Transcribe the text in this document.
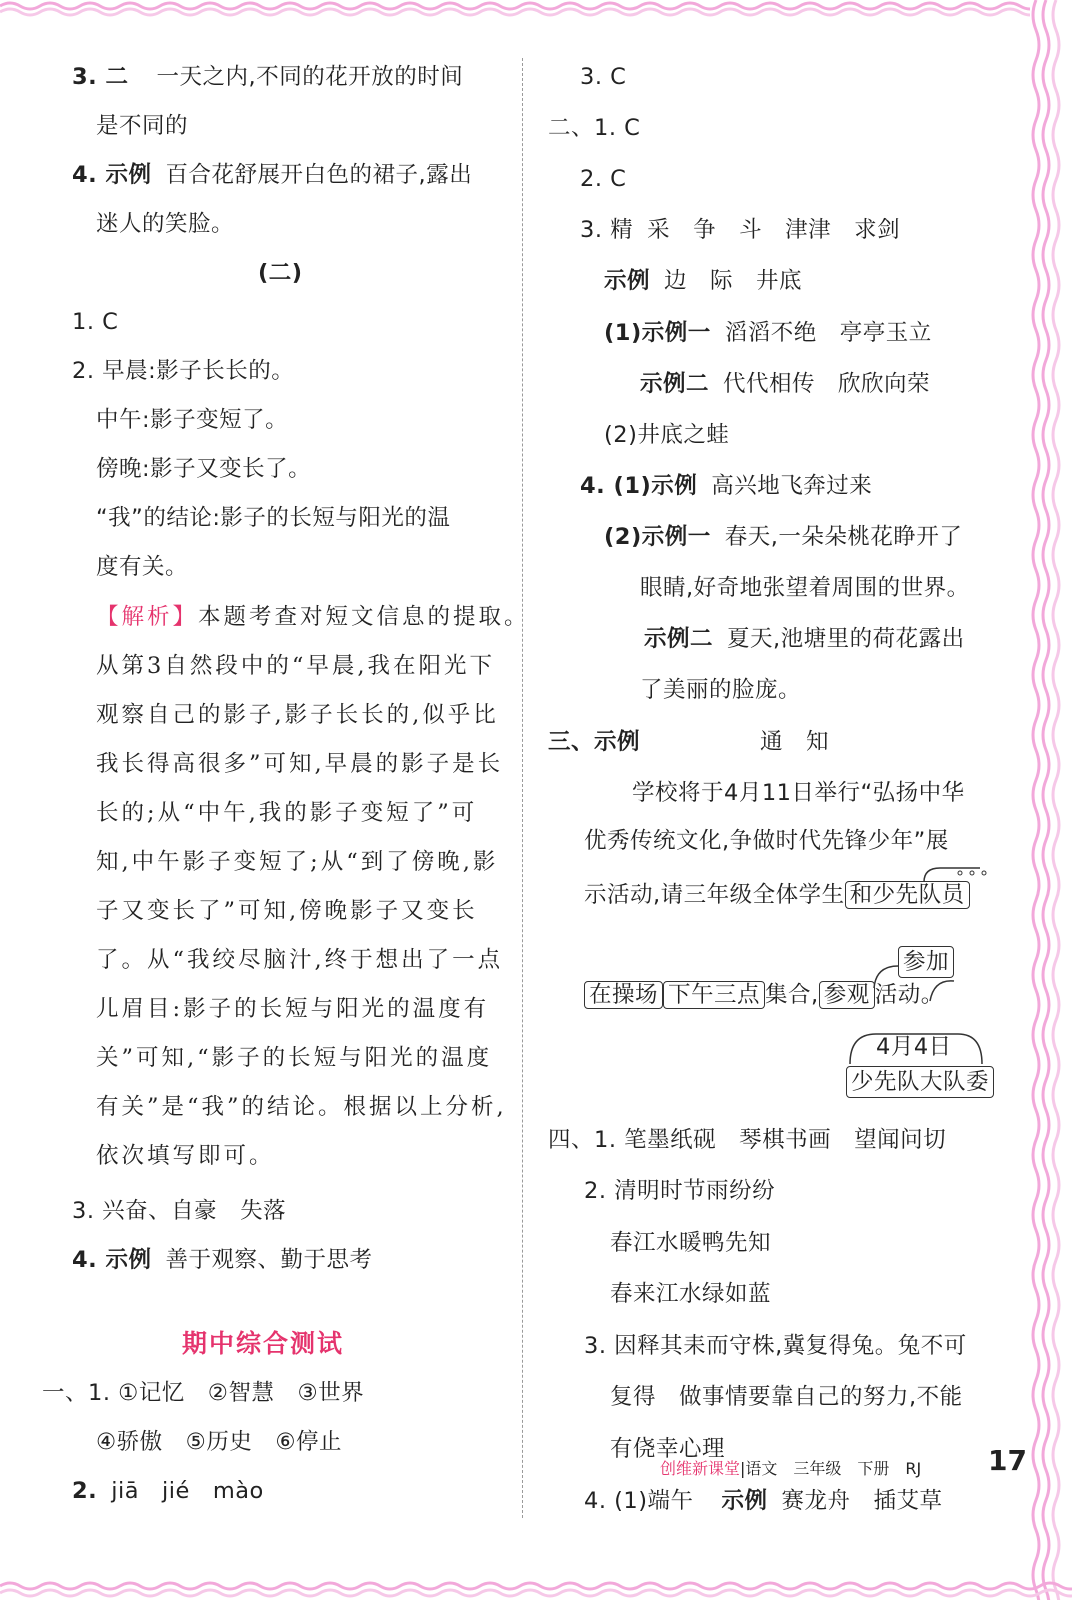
3. 二 一天之内,不同的花开放的时间
是不同的
4. 示例 百合花舒展开白色的裙子,露出
迷人的笑脸。
(二)
1. C
2. 早晨:影子长长的。
中午:影子变短了。
傍晚:影子又变长了。
“我”的结论:影子的长短与阳光的温
度有关。
【解析】本题考查对短文信息的提取。
从第3自然段中的“早晨,我在阳光下
观察自己的影子,影子长长的,似乎比
我长得高很多”可知,早晨的影子是长
长的;从“中午,我的影子变短了”可
知,中午影子变短了;从“到了傍晚,影
子又变长了”可知,傍晚影子又变长
了。从“我绞尽脑汁,终于想出了一点
儿眉目:影子的长短与阳光的温度有
关”可知,“影子的长短与阳光的温度
有关”是“我”的结论。根据以上分析,
依次填写即可。
3. 兴奋、自豪　失落
4. 示例 善于观察、勤于思考
期中综合测试
一、1. ①记忆　②智慧　③世界
④骄傲　⑤历史　⑥停止
2. jiā　jié　mào
3. C
二、1. C
2. C
3. 精 采　争　斗　津津　求剑
示例 边　际　井底
(1)示例一 滔滔不绝　亭亭玉立
示例二 代代相传　欣欣向荣
(2)井底之蛙
4. (1)示例 高兴地飞奔过来
(2)示例一 春天,一朵朵桃花睁开了
眼睛,好奇地张望着周围的世界。
示例二 夏天,池塘里的荷花露出
了美丽的脸庞。
三、示例	通　知
学校将于4月11日举行“弘扬中华
优秀传统文化,争做时代先锋少年”展
示活动,请三年级全体学生 和少先队员
参加
在操场 下午三点 集合, 参观 活动。
4月4日
少先队大队委
四、1. 笔墨纸砚　琴棋书画　望闻问切
2. 清明时节雨纷纷
春江水暖鸭先知
春来江水绿如蓝
3. 因释其耒而守株,冀复得兔。兔不可
复得　做事情要靠自己的努力,不能
有侥幸心理
4. (1)端午 示例 赛龙舟　插艾草
创维新课堂|语文　三年级　下册　RJ 17
